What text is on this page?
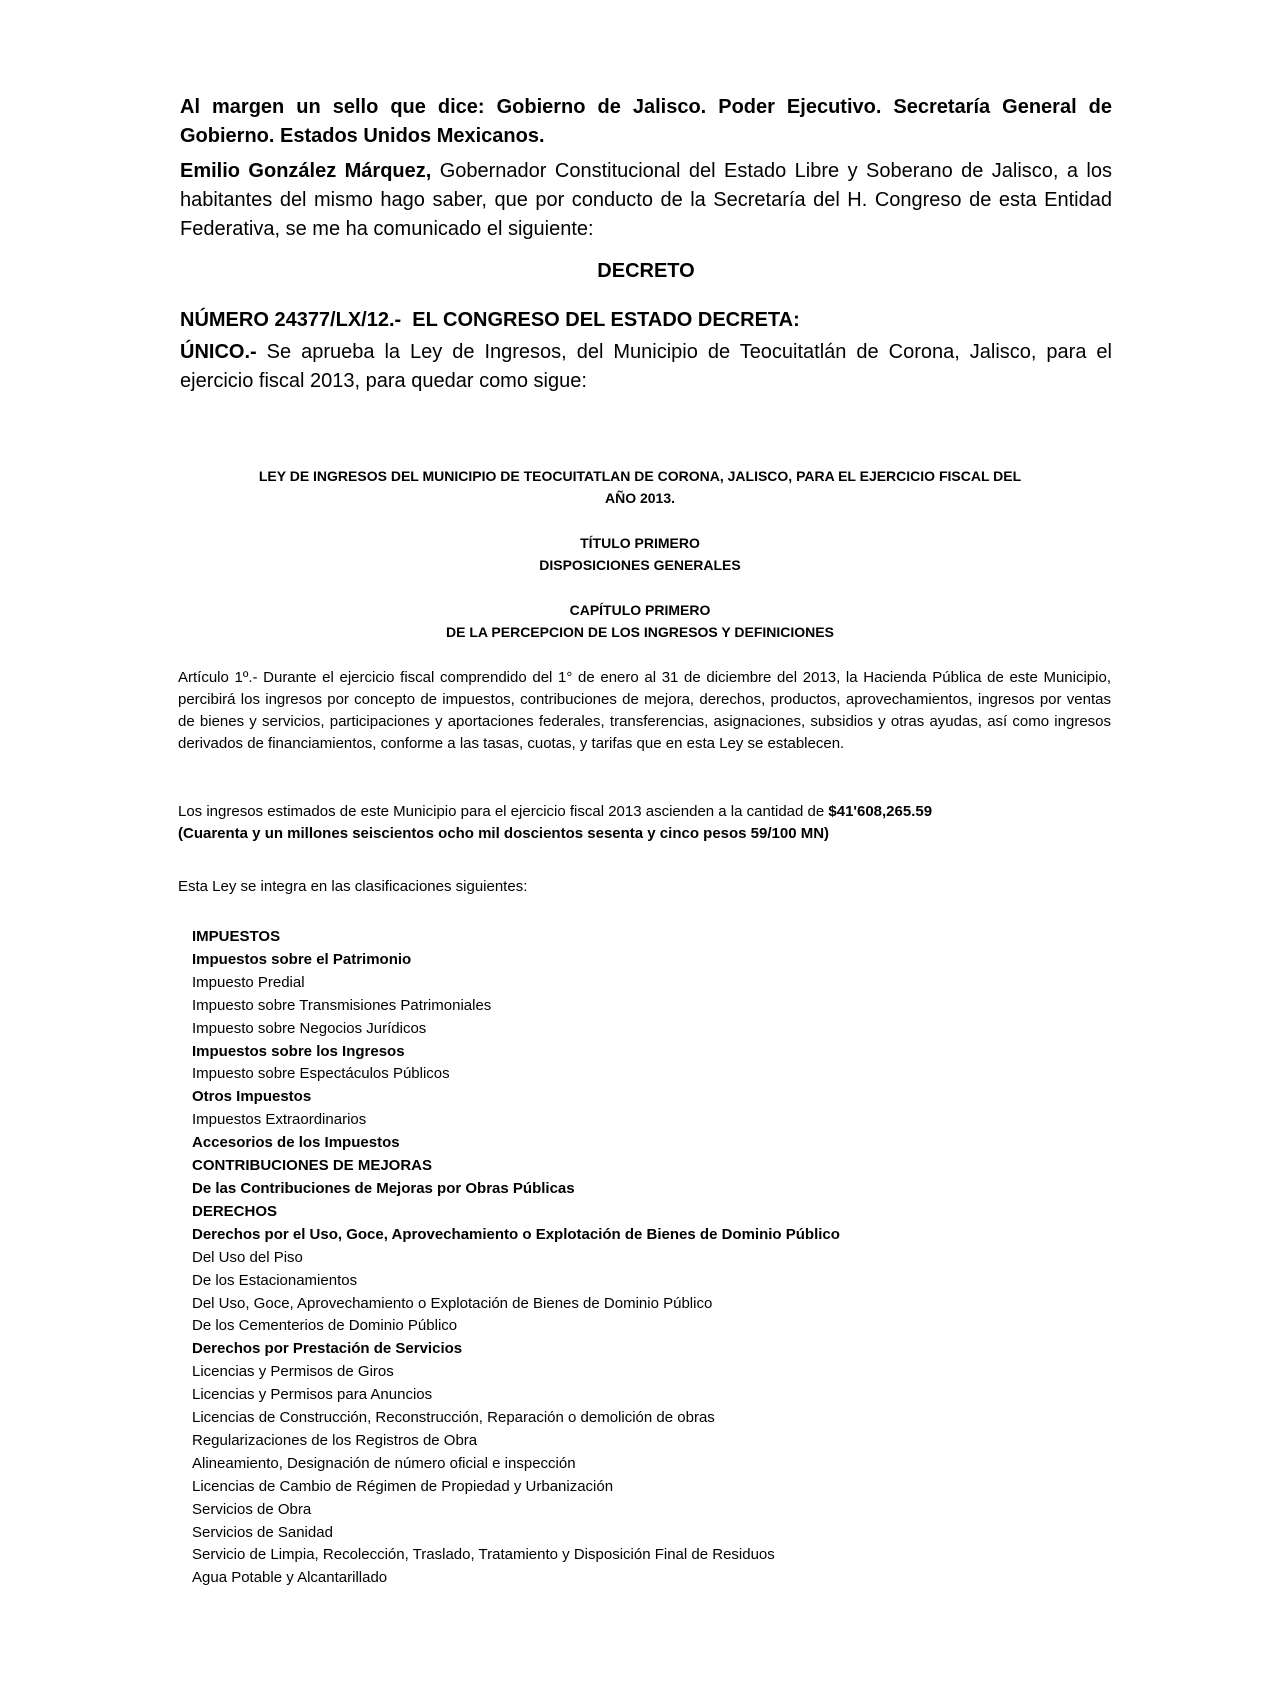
Al margen un sello que dice: Gobierno de Jalisco. Poder Ejecutivo. Secretaría General de Gobierno. Estados Unidos Mexicanos.

Emilio González Márquez, Gobernador Constitucional del Estado Libre y Soberano de Jalisco, a los habitantes del mismo hago saber, que por conducto de la Secretaría del H. Congreso de esta Entidad Federativa, se me ha comunicado el siguiente:

DECRETO

NÚMERO 24377/LX/12.-  EL CONGRESO DEL ESTADO DECRETA:

ÚNICO.- Se aprueba la Ley de Ingresos, del Municipio de Teocuitatlán de Corona, Jalisco, para el ejercicio fiscal 2013, para quedar como sigue:

LEY DE INGRESOS DEL MUNICIPIO DE TEOCUITATLAN DE CORONA, JALISCO, PARA EL EJERCICIO FISCAL DEL

AÑO 2013.

TÍTULO PRIMERO

DISPOSICIONES GENERALES

CAPÍTULO PRIMERO

DE LA PERCEPCION DE LOS INGRESOS Y DEFINICIONES

Artículo 1º.- Durante el ejercicio fiscal comprendido del 1° de enero al 31 de diciembre del 2013, la Hacienda Pública de este Municipio, percibirá los ingresos por concepto de impuestos, contribuciones de mejora, derechos, productos, aprovechamientos, ingresos por ventas de bienes y servicios, participaciones y aportaciones federales, transferencias, asignaciones, subsidios y otras ayudas, así como ingresos derivados de financiamientos, conforme a las tasas, cuotas, y tarifas que en esta Ley se establecen.

Los ingresos estimados de este Municipio para el ejercicio fiscal 2013 ascienden a la cantidad de $41'608,265.59
(Cuarenta y un millones seiscientos ocho mil doscientos sesenta y cinco pesos 59/100 MN)

Esta Ley se integra en las clasificaciones siguientes:

IMPUESTOS
Impuestos sobre el Patrimonio
Impuesto Predial
Impuesto sobre Transmisiones Patrimoniales
Impuesto sobre Negocios Jurídicos
Impuestos sobre los Ingresos
Impuesto sobre Espectáculos Públicos
Otros Impuestos
Impuestos Extraordinarios
Accesorios de los Impuestos
CONTRIBUCIONES DE MEJORAS
De las Contribuciones de Mejoras por Obras Públicas
DERECHOS
Derechos por el Uso, Goce, Aprovechamiento o Explotación de Bienes de Dominio Público
Del Uso del Piso
De los Estacionamientos
Del Uso, Goce, Aprovechamiento o Explotación de Bienes de Dominio Público
De los Cementerios de Dominio Público
Derechos por Prestación de Servicios
Licencias y Permisos de Giros
Licencias y Permisos para Anuncios
Licencias de Construcción, Reconstrucción, Reparación o demolición de obras
Regularizaciones de los Registros de Obra
Alineamiento, Designación de número oficial e inspección
Licencias de Cambio de Régimen de Propiedad y Urbanización
Servicios de Obra
Servicios de Sanidad
Servicio de Limpia, Recolección, Traslado, Tratamiento y Disposición Final de Residuos
Agua Potable y Alcantarillado
